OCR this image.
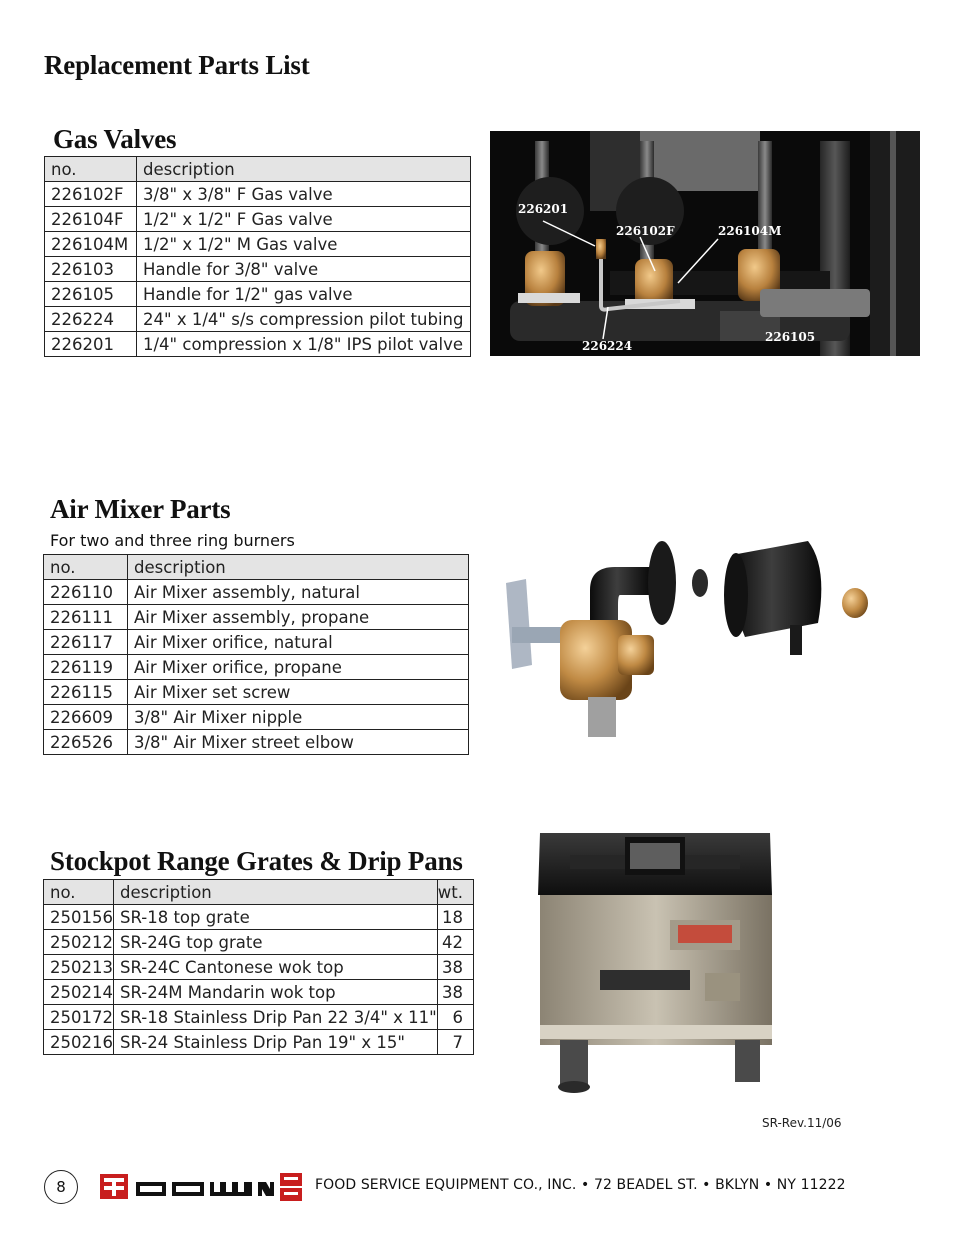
Replacement Parts List
Gas Valves
no.	description
226102F	3/8" x 3/8" F Gas valve
226104F	1/2" x 1/2" F Gas valve
226104M	1/2" x 1/2" M Gas valve
226103	Handle for 3/8" valve
226105	Handle for 1/2" gas valve
226224	24" x 1/4" s/s compression pilot tubing
226201	1/4" compression x 1/8" IPS pilot valve
226201
226102F	226104M
226224
226105
Air Mixer Parts
For two and three ring burners
no.	description
226110	Air Mixer assembly, natural
226111	Air Mixer assembly, propane
226117	Air Mixer orifice, natural
226119	Air Mixer orifice, propane
226115	Air Mixer set screw
226609	3/8" Air Mixer nipple
226526	3/8" Air Mixer street elbow
Stockpot Range Grates & Drip Pans
no.	description	wt.
250156	SR-18 top grate	18
250212	SR-24G top grate	42
250213	SR-24C Cantonese wok top	38
250214	SR-24M Mandarin wok top	38
250172	SR-18 Stainless Drip Pan 22 3/4" x 11"	6
250216	SR-24 Stainless Drip Pan 19" x 15"	7
SR-Rev.11/06
8	FOOD SERVICE EQUIPMENT CO., INC. • 72 BEADEL ST. • BKLYN • NY 11222
